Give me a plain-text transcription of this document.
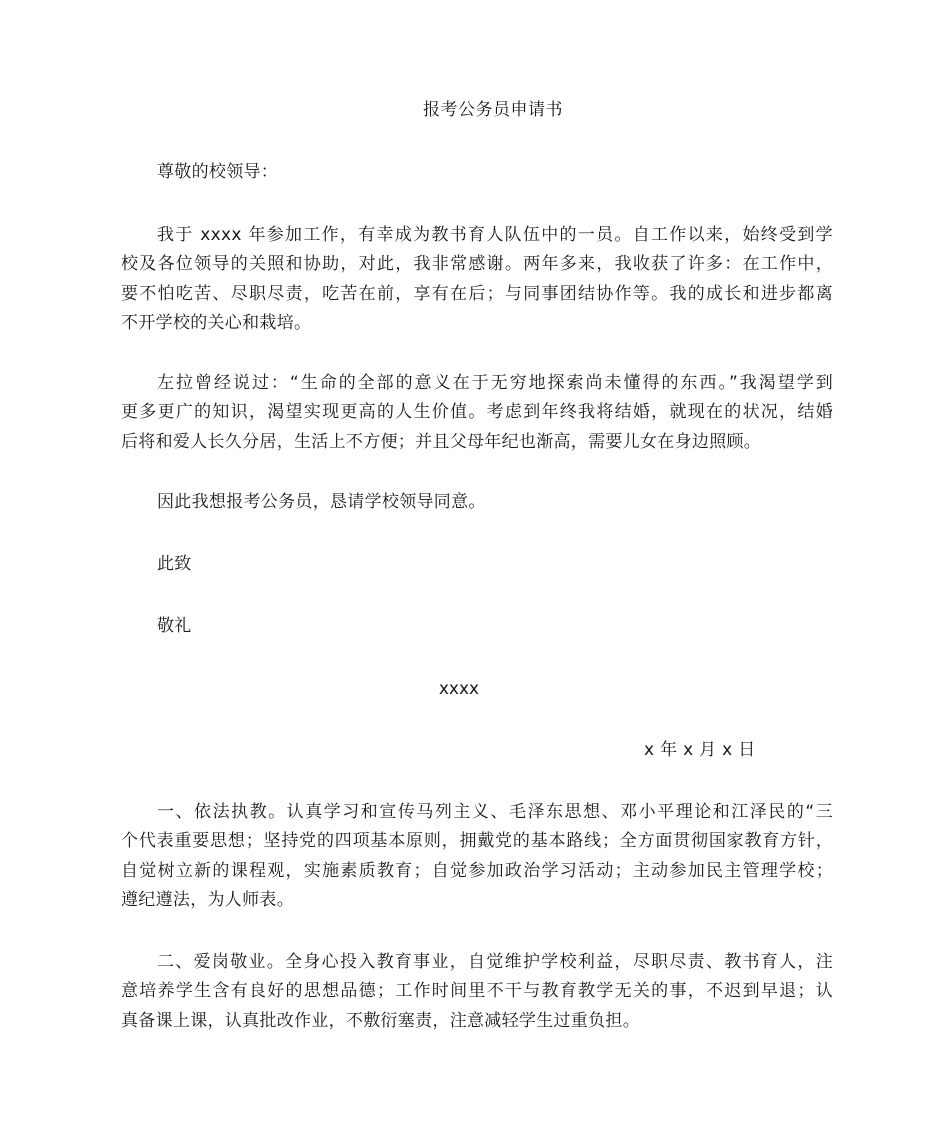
报考公务员申请书

尊敬的校领导：

我于 xxxx 年参加工作，有幸成为教书育人队伍中的一员。自工作以来，始终受到学
校及各位领导的关照和协助，对此，我非常感谢。两年多来，我收获了许多：在工作中，
要不怕吃苦、尽职尽责，吃苦在前，享有在后；与同事团结协作等。我的成长和进步都离
不开学校的关心和栽培。
左拉曾经说过：“生命的全部的意义在于无穷地探索尚未懂得的东西。”我渴望学到
更多更广的知识，渴望实现更高的人生价值。考虑到年终我将结婚，就现在的状况，结婚
后将和爱人长久分居，生活上不方便；并且父母年纪也渐高，需要儿女在身边照顾。

因此我想报考公务员，恳请学校领导同意。

此致

敬礼

xxxx
x 年 x 月 x 日
一、依法执教。认真学习和宣传马列主义、毛泽东思想、邓小平理论和江泽民的“三
个代表重要思想；坚持党的四项基本原则，拥戴党的基本路线；全方面贯彻国家教育方针，
自觉树立新的课程观，实施素质教育；自觉参加政治学习活动；主动参加民主管理学校；
遵纪遵法，为人师表。
二、爱岗敬业。全身心投入教育事业，自觉维护学校利益，尽职尽责、教书育人，注
意培养学生含有良好的思想品德；工作时间里不干与教育教学无关的事，不迟到早退；认
真备课上课，认真批改作业，不敷衍塞责，注意减轻学生过重负担。
